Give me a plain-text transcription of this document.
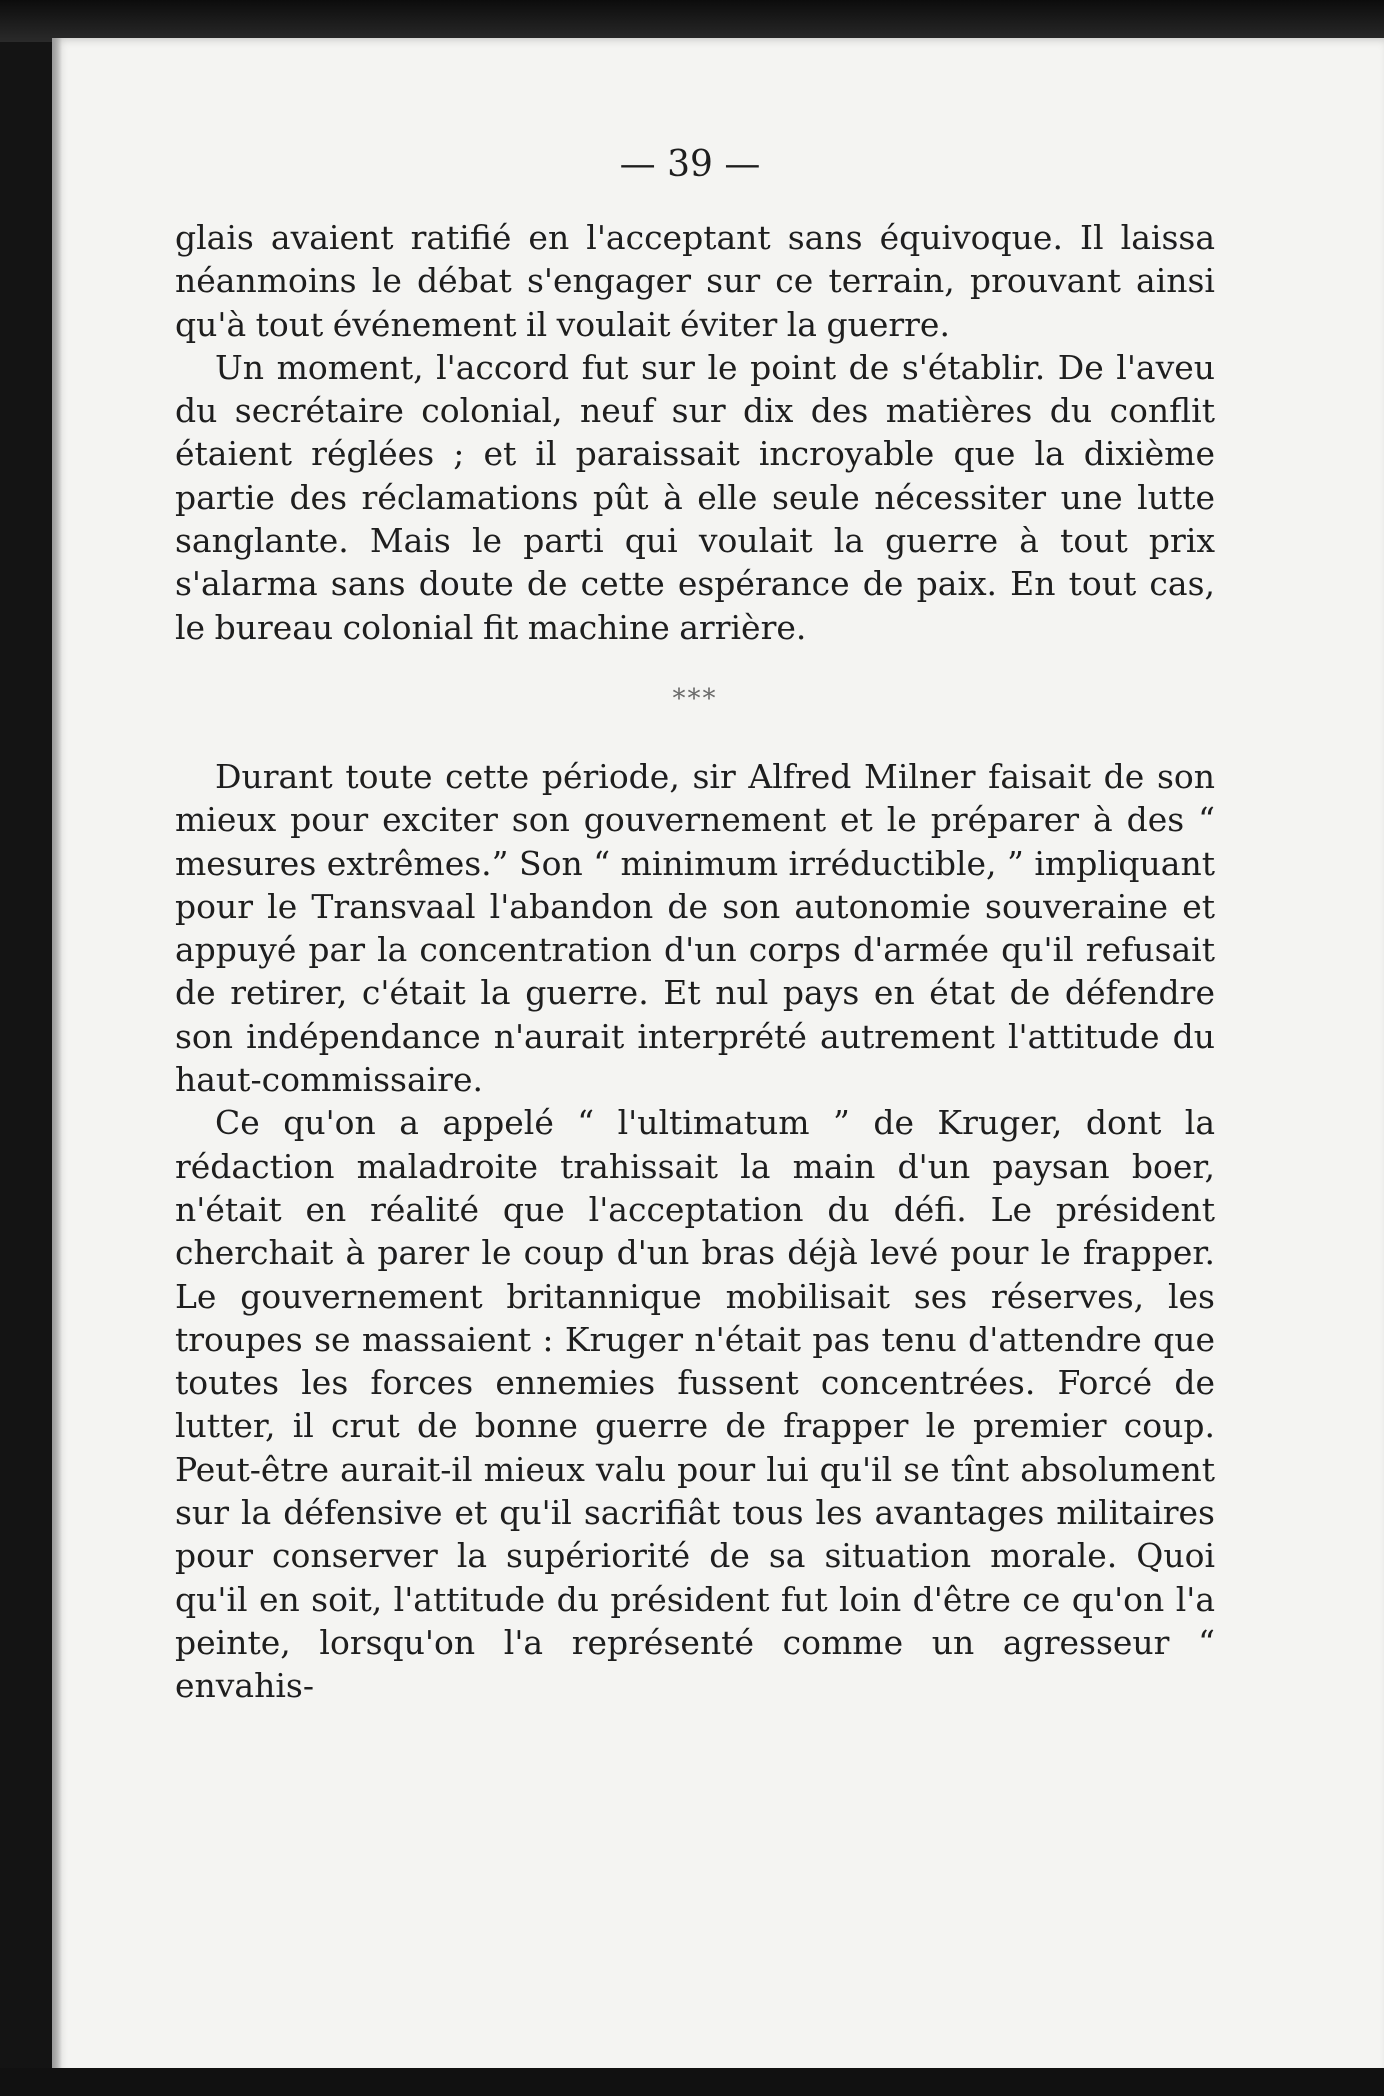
— 39 —

glais avaient ratifié en l'acceptant sans équivoque. Il laissa néanmoins le débat s'engager sur ce terrain, prouvant ainsi qu'à tout événement il voulait éviter la guerre.

Un moment, l'accord fut sur le point de s'établir. De l'aveu du secrétaire colonial, neuf sur dix des matières du conflit étaient réglées ; et il paraissait incroyable que la dixième partie des réclamations pût à elle seule nécessiter une lutte sanglante. Mais le parti qui voulait la guerre à tout prix s'alarma sans doute de cette espérance de paix. En tout cas, le bureau colonial fit machine arrière.

***

Durant toute cette période, sir Alfred Milner faisait de son mieux pour exciter son gouvernement et le préparer à des “ mesures extrêmes.” Son “ minimum irréductible, ” impliquant pour le Transvaal l'abandon de son autonomie souveraine et appuyé par la concentration d'un corps d'armée qu'il refusait de retirer, c'était la guerre. Et nul pays en état de défendre son indépendance n'aurait interprété autrement l'attitude du haut-commissaire.

Ce qu'on a appelé “ l'ultimatum ” de Kruger, dont la rédaction maladroite trahissait la main d'un paysan boer, n'était en réalité que l'acceptation du défi. Le président cherchait à parer le coup d'un bras déjà levé pour le frapper. Le gouvernement britannique mobilisait ses réserves, les troupes se massaient : Kruger n'était pas tenu d'attendre que toutes les forces ennemies fussent concentrées. Forcé de lutter, il crut de bonne guerre de frapper le premier coup. Peut-être aurait-il mieux valu pour lui qu'il se tînt absolument sur la défensive et qu'il sacrifiât tous les avantages militaires pour conserver la supériorité de sa situation morale. Quoi qu'il en soit, l'attitude du président fut loin d'être ce qu'on l'a peinte, lorsqu'on l'a représenté comme un agresseur “ envahis-
